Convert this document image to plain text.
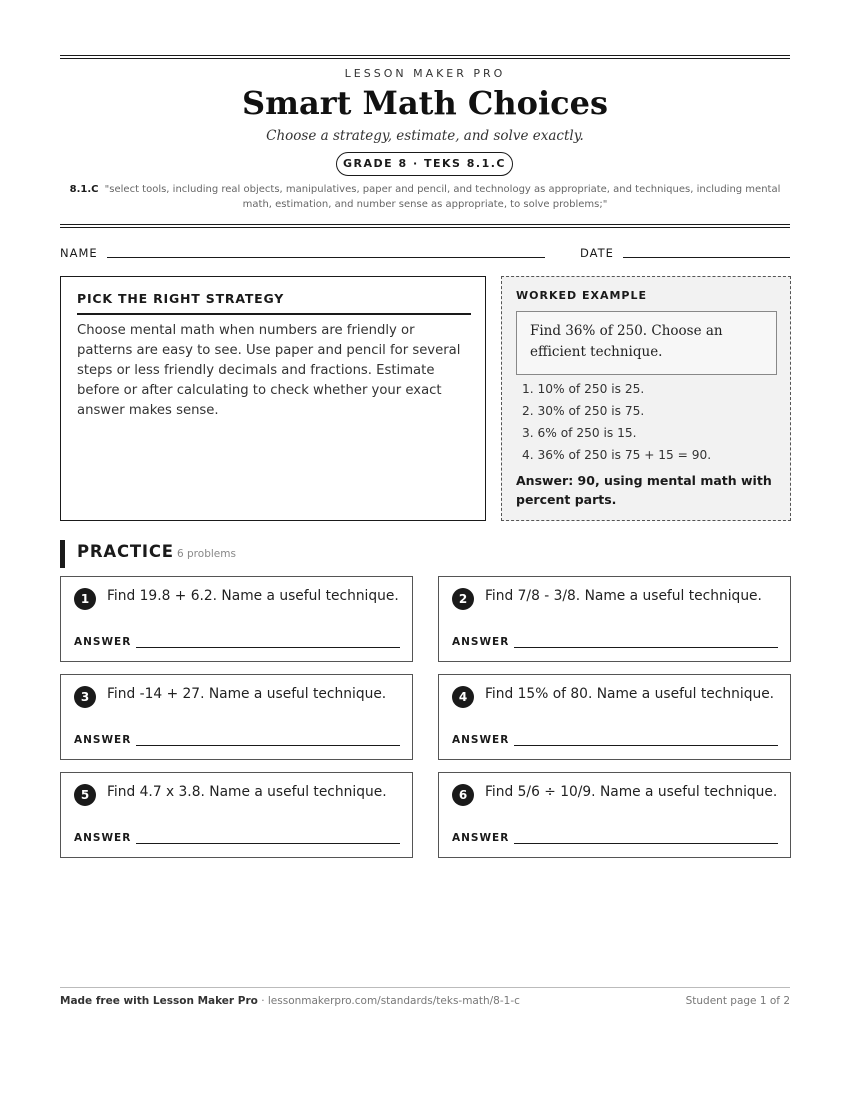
LESSON MAKER PRO
Smart Math Choices
Choose a strategy, estimate, and solve exactly.
GRADE 8 · TEKS 8.1.C
8.1.C "select tools, including real objects, manipulatives, paper and pencil, and technology as appropriate, and techniques, including mental math, estimation, and number sense as appropriate, to solve problems;"
NAME	DATE
PICK THE RIGHT STRATEGY

Choose mental math when numbers are friendly or patterns are easy to see. Use paper and pencil for several steps or less friendly decimals and fractions. Estimate before or after calculating to check whether your exact answer makes sense.

WORKED EXAMPLE
Find 36% of 250. Choose an efficient technique.
1. 10% of 250 is 25.
2. 30% of 250 is 75.
3. 6% of 250 is 15.
4. 36% of 250 is 75 + 15 = 90.
Answer: 90, using mental math with percent parts.
PRACTICE 6 problems
1	Find 19.8 + 6.2. Name a useful technique.
ANSWER
2	Find 7/8 - 3/8. Name a useful technique.
ANSWER
3	Find -14 + 27. Name a useful technique.
ANSWER
4	Find 15% of 80. Name a useful technique.
ANSWER
5	Find 4.7 x 3.8. Name a useful technique.
ANSWER
6	Find 5/6 ÷ 10/9. Name a useful technique.
ANSWER
Made free with Lesson Maker Pro · lessonmakerpro.com/standards/teks-math/8-1-c	Student page 1 of 2
